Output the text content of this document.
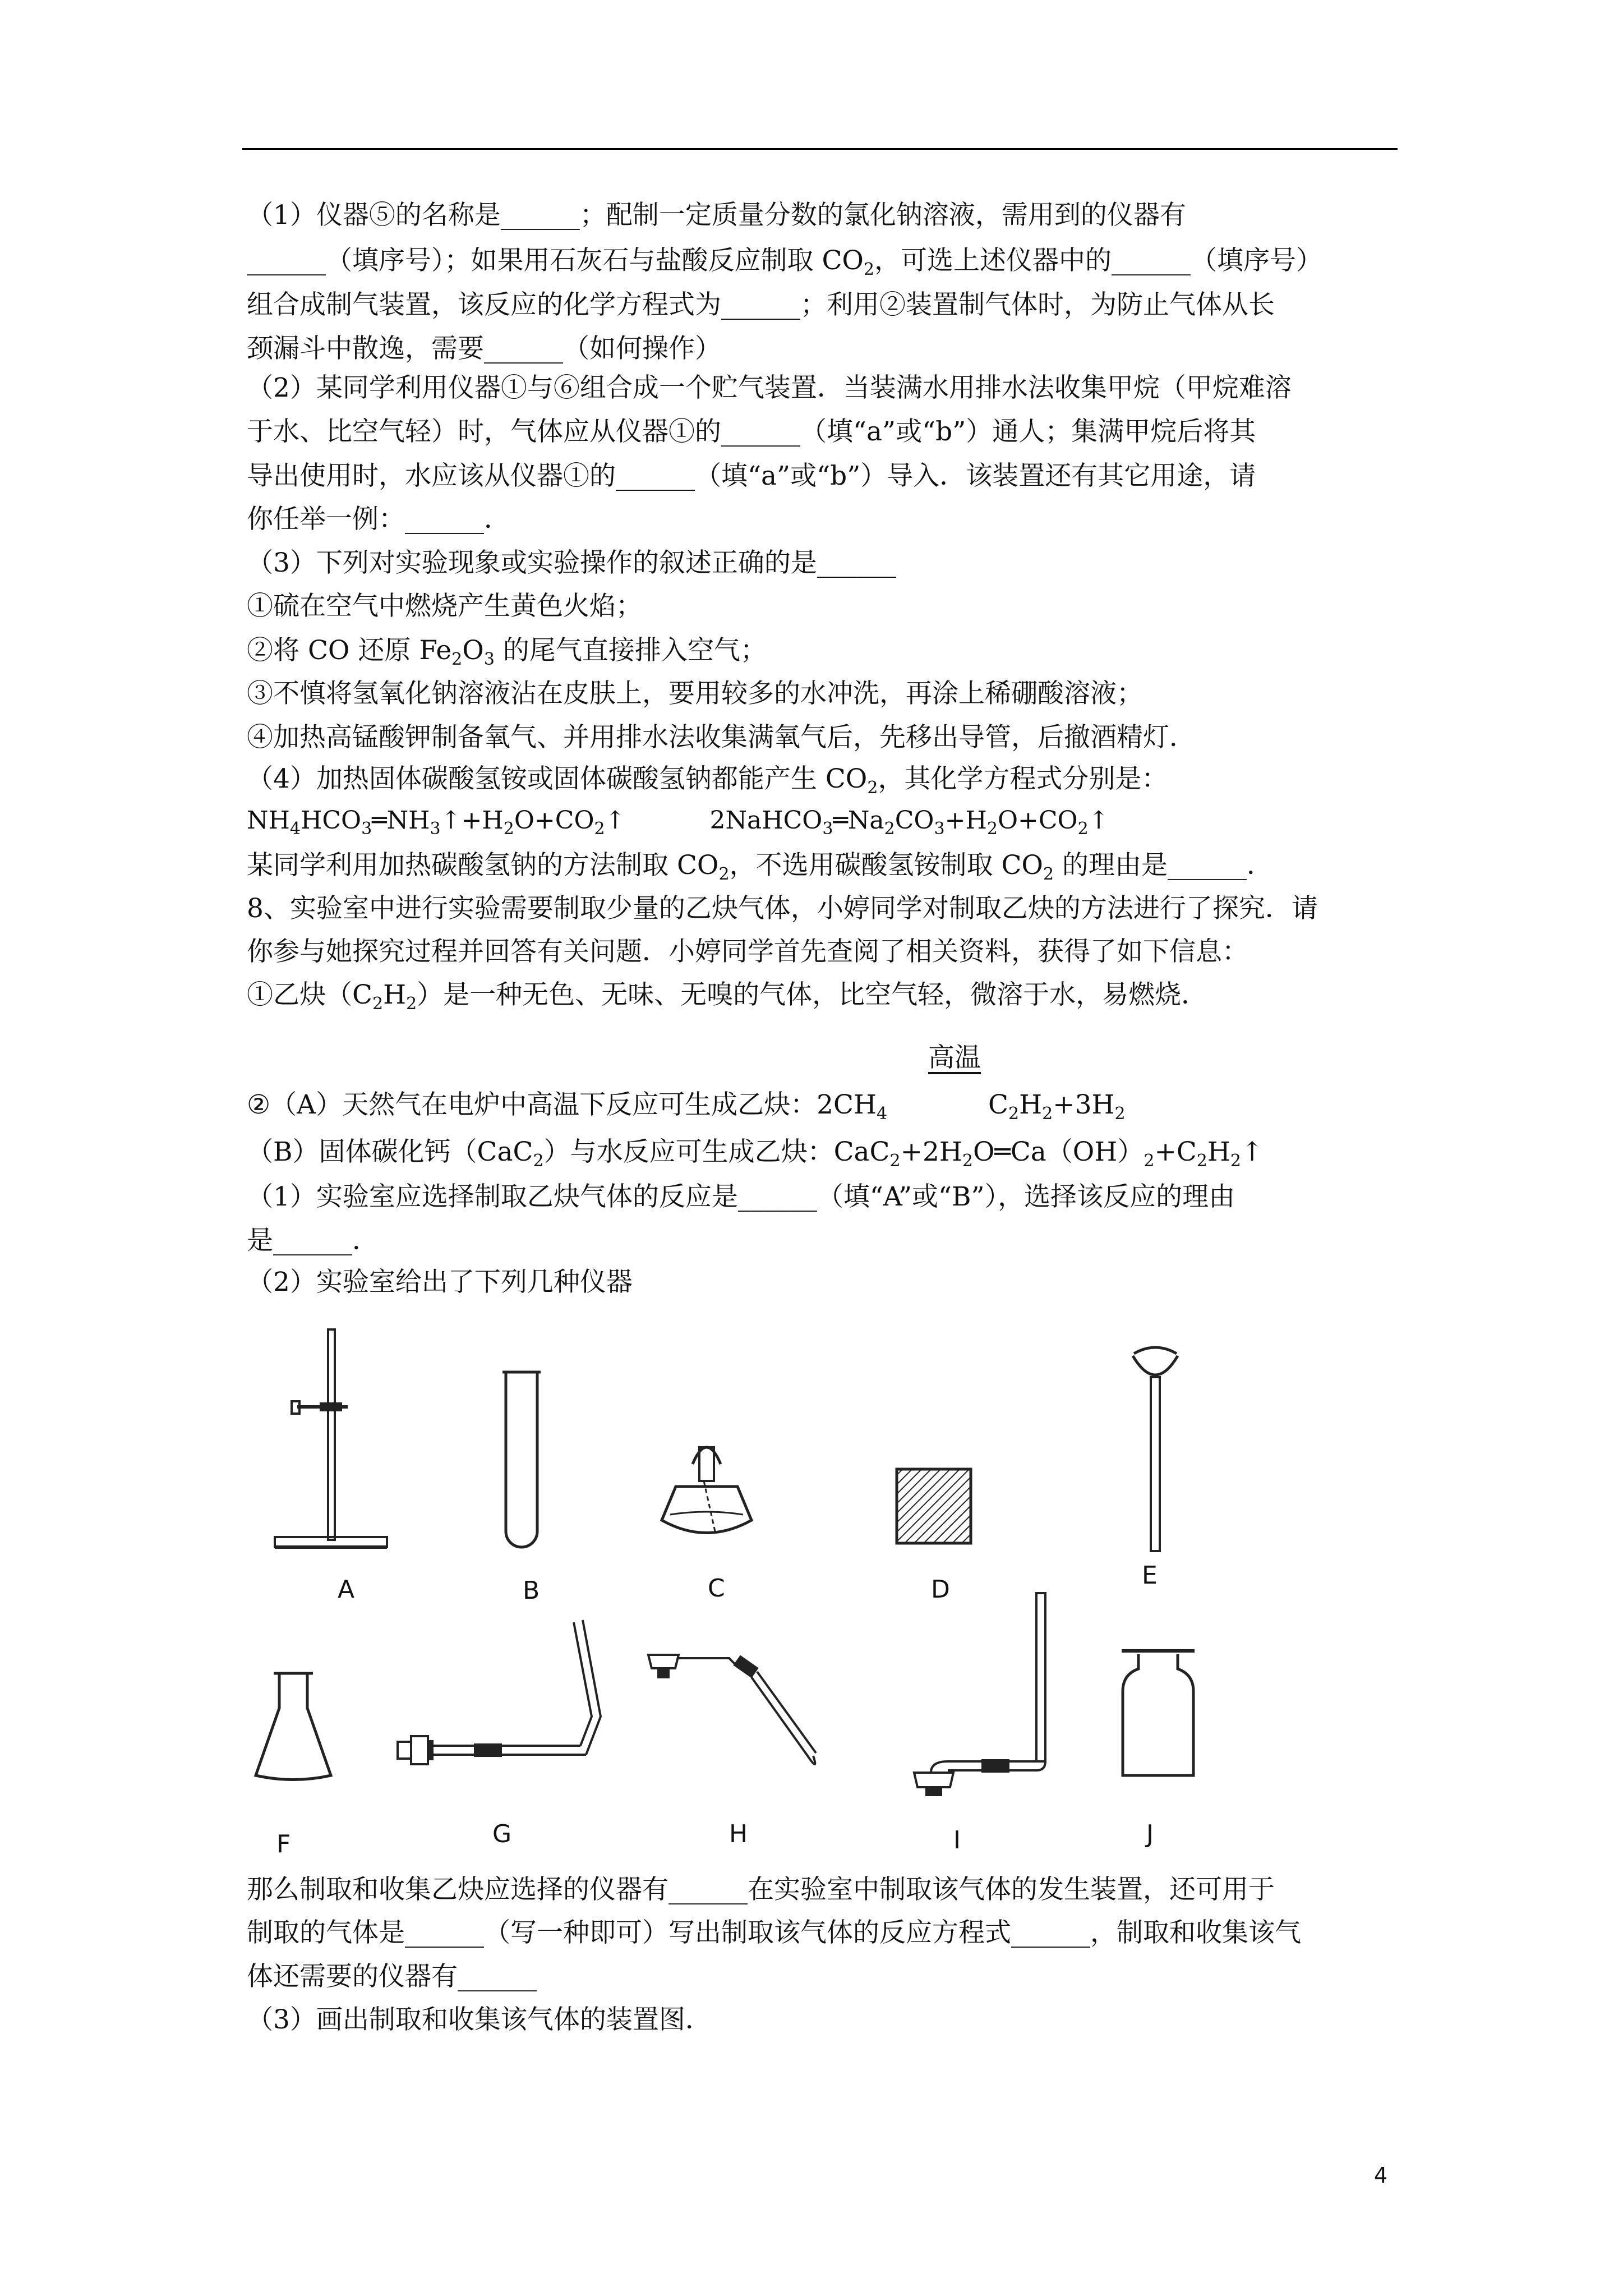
（1）仪器⑤的名称是______；配制一定质量分数的氯化钠溶液，需用到的仪器有
______（填序号）；如果用石灰石与盐酸反应制取 $CO_2$，可选上述仪器中的______（填序号）
组合成制气装置，该反应的化学方程式为______；利用②装置制气体时，为防止气体从长
颈漏斗中散逸，需要______（如何操作）
（2）某同学利用仪器①与⑥组合成一个贮气装置．当装满水用排水法收集甲烷（甲烷难溶
于水、比空气轻）时，气体应从仪器①的______（填“a”或“b”）通人；集满甲烷后将其
导出使用时，水应该从仪器①的______（填“a”或“b”）导入．该装置还有其它用途，请
你任举一例：______．
（3）下列对实验现象或实验操作的叙述正确的是______
①硫在空气中燃烧产生黄色火焰；
②将 CO 还原 $Fe_2O_3$ 的尾气直接排入空气；
③不慎将氢氧化钠溶液沾在皮肤上，要用较多的水冲洗，再涂上稀硼酸溶液；
④加热高锰酸钾制备氧气、并用排水法收集满氧气后，先移出导管，后撤酒精灯．
（4）加热固体碳酸氢铵或固体碳酸氢钠都能产生 $CO_2$，其化学方程式分别是：
$NH_4HCO_3═NH_3↑+H_2O+CO_2↑$	$2NaHCO_3═Na_2CO_3+H_2O+CO_2↑$
某同学利用加热碳酸氢钠的方法制取 $CO_2$，不选用碳酸氢铵制取 $CO_2$ 的理由是______．
8、实验室中进行实验需要制取少量的乙炔气体，小婷同学对制取乙炔的方法进行了探究．请
你参与她探究过程并回答有关问题．小婷同学首先查阅了相关资料，获得了如下信息：
①乙炔$(C_2H_2)$是一种无色、无味、无嗅的气体，比空气轻，微溶于水，易燃烧．
高温
②（A）天然气在电炉中高温下反应可生成乙炔：$2CH_4$	$C_2H_2+3H_2$
（B）固体碳化钙（CaC$_2$）与水反应可生成乙炔：$CaC_2+2H_2O═Ca(OH)_2+C_2H_2↑$
（1）实验室应选择制取乙炔气体的反应是______（填“A”或“B”），选择该反应的理由
是______．
（2）实验室给出了下列几种仪器
A	B	C	D	E
F	G	H	I	J
那么制取和收集乙炔应选择的仪器有______在实验室中制取该气体的发生装置，还可用于
制取的气体是______（写一种即可）写出制取该气体的反应方程式______，制取和收集该气
体还需要的仪器有______
（3）画出制取和收集该气体的装置图．
4
